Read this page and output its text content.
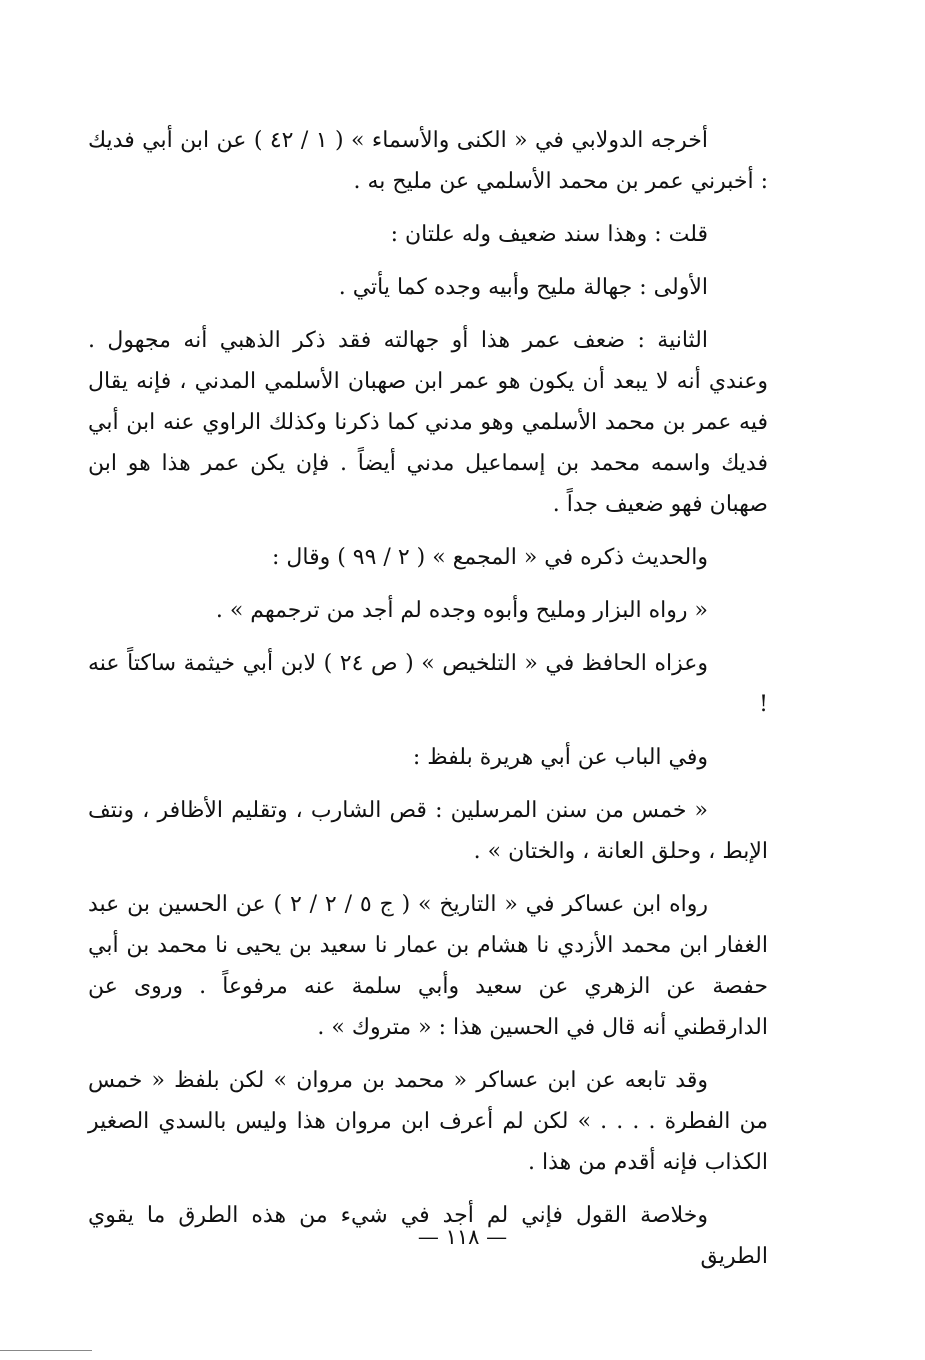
أخرجه الدولابي في « الكنى والأسماء » ( ١ / ٤٢ ) عن ابن أبي فديك : أخبرني عمر بن محمد الأسلمي عن مليح به .

قلت : وهذا سند ضعيف وله علتان :

الأولى : جهالة مليح وأبيه وجده كما يأتي .

الثانية : ضعف عمر هذا أو جهالته فقد ذكر الذهبي أنه مجهول . وعندي أنه لا يبعد أن يكون هو عمر ابن صهبان الأسلمي المدني ، فإنه يقال فيه عمر بن محمد الأسلمي وهو مدني كما ذكرنا وكذلك الراوي عنه ابن أبي فديك واسمه محمد بن إسماعيل مدني أيضاً . فإن يكن عمر هذا هو ابن صهبان فهو ضعيف جداً .

والحديث ذكره في « المجمع » ( ٢ / ٩٩ ) وقال :

« رواه البزار ومليح وأبوه وجده لم أجد من ترجمهم » .

وعزاه الحافظ في « التلخيص » ( ص ٢٤ ) لابن أبي خيثمة ساكتاً عنه !

وفي الباب عن أبي هريرة بلفظ :

« خمس من سنن المرسلين : قص الشارب ، وتقليم الأظافر ، ونتف الإبط ، وحلق العانة ، والختان » .

رواه ابن عساكر في « التاريخ » ( ج ٥ / ٢ / ٢ ) عن الحسين بن عبد الغفار ابن محمد الأزدي نا هشام بن عمار نا سعيد بن يحيى نا محمد بن أبي حفصة عن الزهري عن سعيد وأبي سلمة عنه مرفوعاً . وروى عن الدارقطني أنه قال في الحسين هذا : « متروك » .

وقد تابعه عن ابن عساكر « محمد بن مروان » لكن بلفظ « خمس من الفطرة . . . . » لكن لم أعرف ابن مروان هذا وليس بالسدي الصغير الكذاب فإنه أقدم من هذا .

وخلاصة القول فإني لم أجد في شيء من هذه الطرق ما يقوي الطريق

— ١١٨ —
